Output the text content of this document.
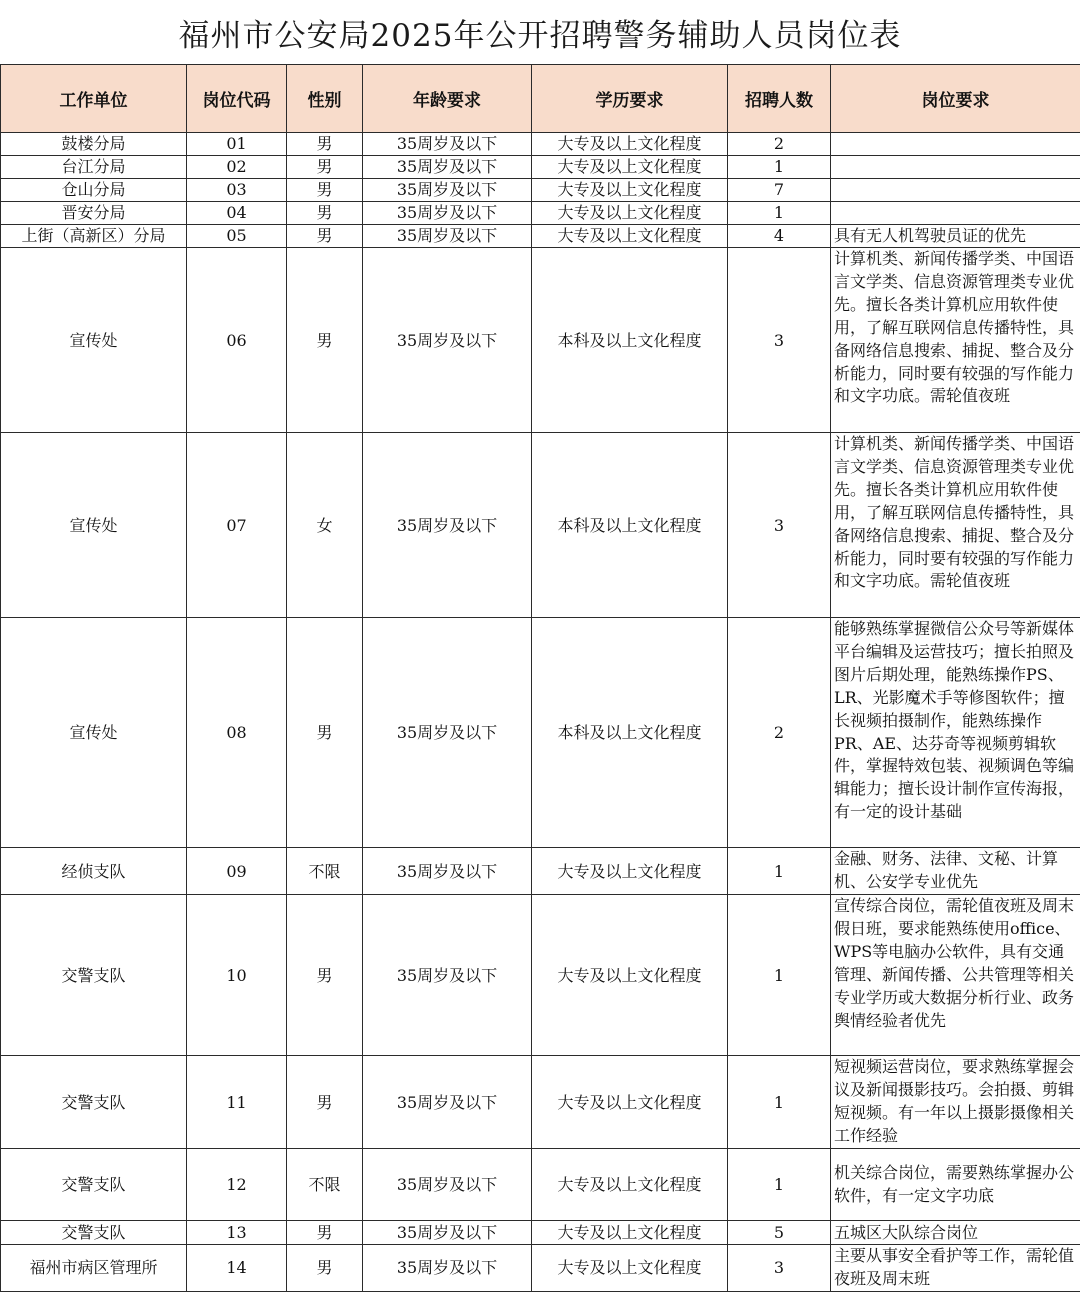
福州市公安局2025年公开招聘警务辅助人员岗位表
工作单位	岗位代码	性别	年龄要求	学历要求	招聘人数	岗位要求
鼓楼分局	01	男	35周岁及以下	大专及以上文化程度	2	
台江分局	02	男	35周岁及以下	大专及以上文化程度	1	
仓山分局	03	男	35周岁及以下	大专及以上文化程度	7	
晋安分局	04	男	35周岁及以下	大专及以上文化程度	1	
上街（高新区）分局	05	男	35周岁及以下	大专及以上文化程度	4	具有无人机驾驶员证的优先
宣传处	06	男	35周岁及以下	本科及以上文化程度	3	计算机类、新闻传播学类、中国语言文学类、信息资源管理类专业优先。擅长各类计算机应用软件使用，了解互联网信息传播特性，具备网络信息搜索、捕捉、整合及分析能力，同时要有较强的写作能力和文字功底。需轮值夜班
宣传处	07	女	35周岁及以下	本科及以上文化程度	3	计算机类、新闻传播学类、中国语言文学类、信息资源管理类专业优先。擅长各类计算机应用软件使用，了解互联网信息传播特性，具备网络信息搜索、捕捉、整合及分析能力，同时要有较强的写作能力和文字功底。需轮值夜班
宣传处	08	男	35周岁及以下	本科及以上文化程度	2	能够熟练掌握微信公众号等新媒体平台编辑及运营技巧；擅长拍照及图片后期处理，能熟练操作PS、LR、光影魔术手等修图软件；擅长视频拍摄制作，能熟练操作PR、AE、达芬奇等视频剪辑软件，掌握特效包装、视频调色等编辑能力；擅长设计制作宣传海报，有一定的设计基础
经侦支队	09	不限	35周岁及以下	大专及以上文化程度	1	金融、财务、法律、文秘、计算机、公安学专业优先
交警支队	10	男	35周岁及以下	大专及以上文化程度	1	宣传综合岗位，需轮值夜班及周末假日班，要求能熟练使用office、WPS等电脑办公软件，具有交通管理、新闻传播、公共管理等相关专业学历或大数据分析行业、政务舆情经验者优先
交警支队	11	男	35周岁及以下	大专及以上文化程度	1	短视频运营岗位，要求熟练掌握会议及新闻摄影技巧。会拍摄、剪辑短视频。有一年以上摄影摄像相关工作经验
交警支队	12	不限	35周岁及以下	大专及以上文化程度	1	机关综合岗位，需要熟练掌握办公软件，有一定文字功底
交警支队	13	男	35周岁及以下	大专及以上文化程度	5	五城区大队综合岗位
福州市病区管理所	14	男	35周岁及以下	大专及以上文化程度	3	主要从事安全看护等工作，需轮值夜班及周末班
